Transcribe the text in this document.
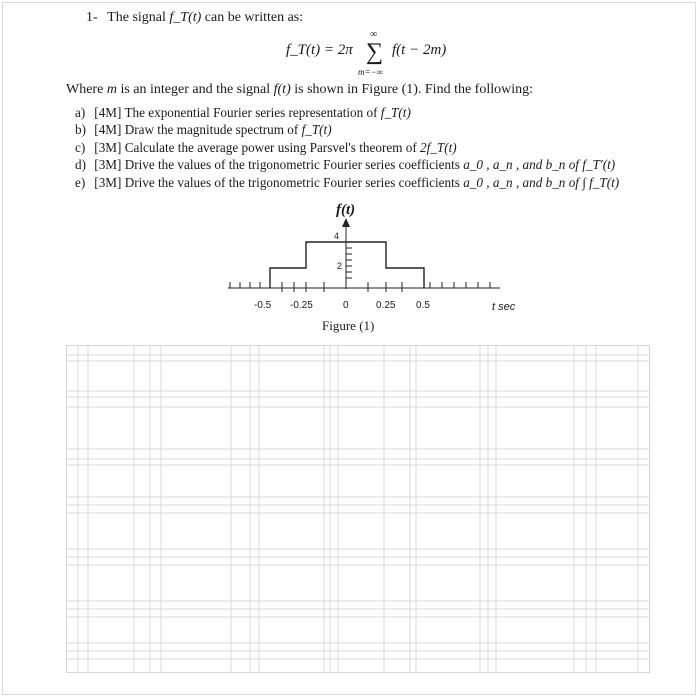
1- The signal f_T(t) can be written as:
f_T(t) = 2π
∞
∑
m=−∞
f(t − 2m)
Where m is an integer and the signal f(t) is shown in Figure (1). Find the following:
a) [4M] The exponential Fourier series representation of f_T(t)
b) [4M] Draw the magnitude spectrum of f_T(t)
c) [3M] Calculate the average power using Parsvel's theorem of 2f_T(t)
d) [3M] Drive the values of the trigonometric Fourier series coefficients a_0 , a_n , and b_n of f_T′(t)
e) [3M] Drive the values of the trigonometric Fourier series coefficients a_0 , a_n , and b_n of ∫ f_T(t)
f(t)
4
2
-0.5 -0.25	0	0.25 0.5	t sec
Figure (1)
